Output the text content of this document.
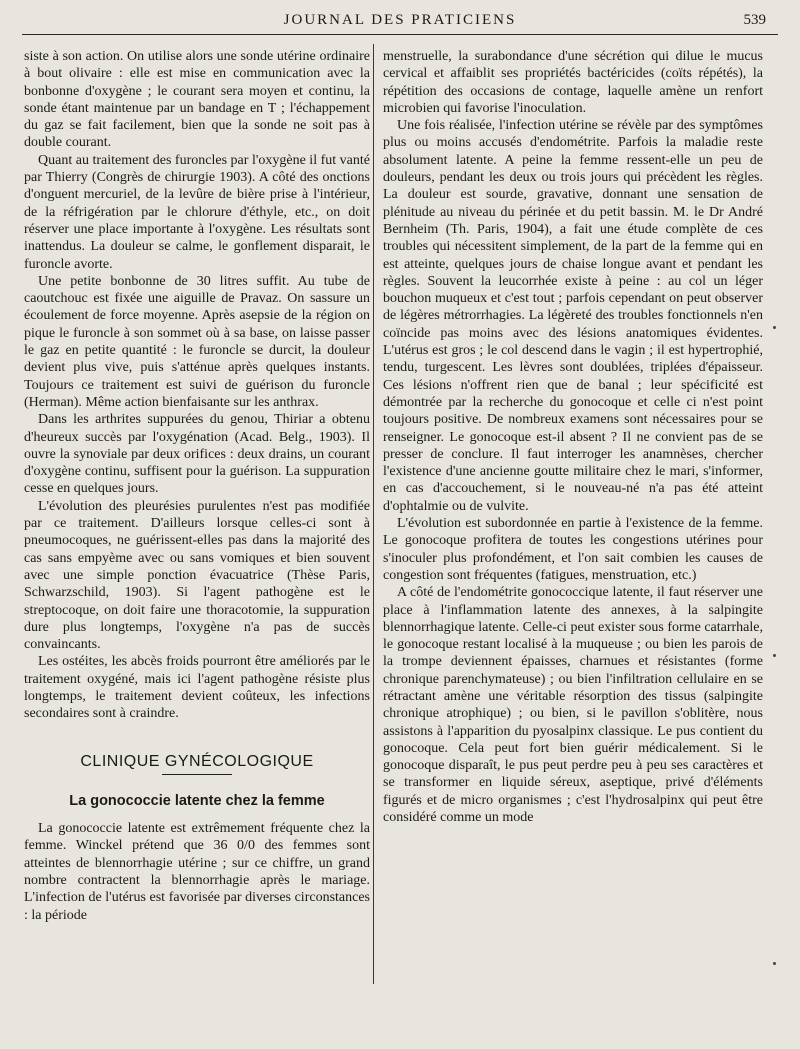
JOURNAL DES PRATICIENS	539

siste à son action. On utilise alors une sonde utérine ordinaire à bout olivaire : elle est mise en communication avec la bonbonne d'oxygène ; le courant sera moyen et continu, la sonde étant maintenue par un bandage en T ; l'échappement du gaz se fait facilement, bien que la sonde ne soit pas à double courant.

Quant au traitement des furoncles par l'oxygène il fut vanté par Thierry (Congrès de chirurgie 1903). A côté des onctions d'onguent mercuriel, de la levûre de bière prise à l'intérieur, de la réfrigération par le chlorure d'éthyle, etc., on doit réserver une place importante à l'oxygène. Les résultats sont inattendus. La douleur se calme, le gonflement disparait, le furoncle avorte.

Une petite bonbonne de 30 litres suffit. Au tube de caoutchouc est fixée une aiguille de Pravaz. On sassure un écoulement de force moyenne. Après asepsie de la région on pique le furoncle à son sommet où à sa base, on laisse passer le gaz en petite quantité : le furoncle se durcit, la douleur devient plus vive, puis s'atténue après quelques instants. Toujours ce traitement est suivi de guérison du furoncle (Herman). Même action bienfaisante sur les anthrax.

Dans les arthrites suppurées du genou, Thiriar a obtenu d'heureux succès par l'oxygénation (Acad. Belg., 1903). Il ouvre la synoviale par deux orifices : deux drains, un courant d'oxygène continu, suffisent pour la guérison. La suppuration cesse en quelques jours.

L'évolution des pleurésies purulentes n'est pas modifiée par ce traitement. D'ailleurs lorsque celles-ci sont à pneumocoques, ne guérissent-elles pas dans la majorité des cas sans empyème avec ou sans vomiques et bien souvent avec une simple ponction évacuatrice (Thèse Paris, Schwarzschild, 1903). Si l'agent pathogène est le streptocoque, on doit faire une thoracotomie, la suppuration dure plus longtemps, l'oxygène n'a pas de succès convaincants.

Les ostéites, les abcès froids pourront être améliorés par le traitement oxygéné, mais ici l'agent pathogène résiste plus longtemps, le traitement devient coûteux, les infections secondaires sont à craindre.

CLINIQUE GYNÉCOLOGIQUE
La gonococcie latente chez la femme

La gonococcie latente est extrêmement fréquente chez la femme. Winckel prétend que 36 0/0 des femmes sont atteintes de blennorrhagie utérine ; sur ce chiffre, un grand nombre contractent la blennorrhagie après le mariage. L'infection de l'utérus est favorisée par diverses circonstances : la période

menstruelle, la surabondance d'une sécrétion qui dilue le mucus cervical et affaiblit ses propriétés bactéricides (coïts répétés), la répétition des occasions de contage, laquelle amène un renfort microbien qui favorise l'inoculation.

Une fois réalisée, l'infection utérine se révèle par des symptômes plus ou moins accusés d'endométrite. Parfois la maladie reste absolument latente. A peine la femme ressent-elle un peu de douleurs, pendant les deux ou trois jours qui précèdent les règles. La douleur est sourde, gravative, donnant une sensation de plénitude au niveau du périnée et du petit bassin. M. le Dr André Bernheim (Th. Paris, 1904), a fait une étude complète de ces troubles qui nécessitent simplement, de la part de la femme qui en est atteinte, quelques jours de chaise longue avant et pendant les règles. Souvent la leucorrhée existe à peine : au col un léger bouchon muqueux et c'est tout ; parfois cependant on peut observer de légères métrorrhagies. La légèreté des troubles fonctionnels n'en coïncide pas moins avec des lésions anatomiques évidentes. L'utérus est gros ; le col descend dans le vagin ; il est hypertrophié, tendu, turgescent. Les lèvres sont doublées, triplées d'épaisseur. Ces lésions n'offrent rien que de banal ; leur spécificité est démontrée par la recherche du gonocoque et celle ci n'est point toujours positive. De nombreux examens sont nécessaires pour se renseigner. Le gonocoque est-il absent ? Il ne convient pas de se presser de conclure. Il faut interroger les anamnèses, chercher l'existence d'une ancienne goutte militaire chez le mari, s'informer, en cas d'accouchement, si le nouveau-né n'a pas été atteint d'ophtalmie ou de vulvite.

L'évolution est subordonnée en partie à l'existence de la femme. Le gonocoque profitera de toutes les congestions utérines pour s'inoculer plus profondément, et l'on sait combien les causes de congestion sont fréquentes (fatigues, menstruation, etc.)

A côté de l'endométrite gonococcique latente, il faut réserver une place à l'inflammation latente des annexes, à la salpingite blennorrhagique latente. Celle-ci peut exister sous forme catarrhale, le gonocoque restant localisé à la muqueuse ; ou bien les parois de la trompe deviennent épaisses, charnues et résistantes (forme chronique parenchymateuse) ; ou bien l'infiltration cellulaire en se rétractant amène une véritable résorption des tissus (salpingite chronique atrophique) ; ou bien, si le pavillon s'oblitère, nous assistons à l'apparition du pyosalpinx classique. Le pus contient du gonocoque. Cela peut fort bien guérir médicalement. Si le gonocoque disparaît, le pus peut perdre peu à peu ses caractères et se transformer en liquide séreux, aseptique, privé d'éléments figurés et de micro organismes ; c'est l'hydrosalpinx qui peut être considéré comme un mode
